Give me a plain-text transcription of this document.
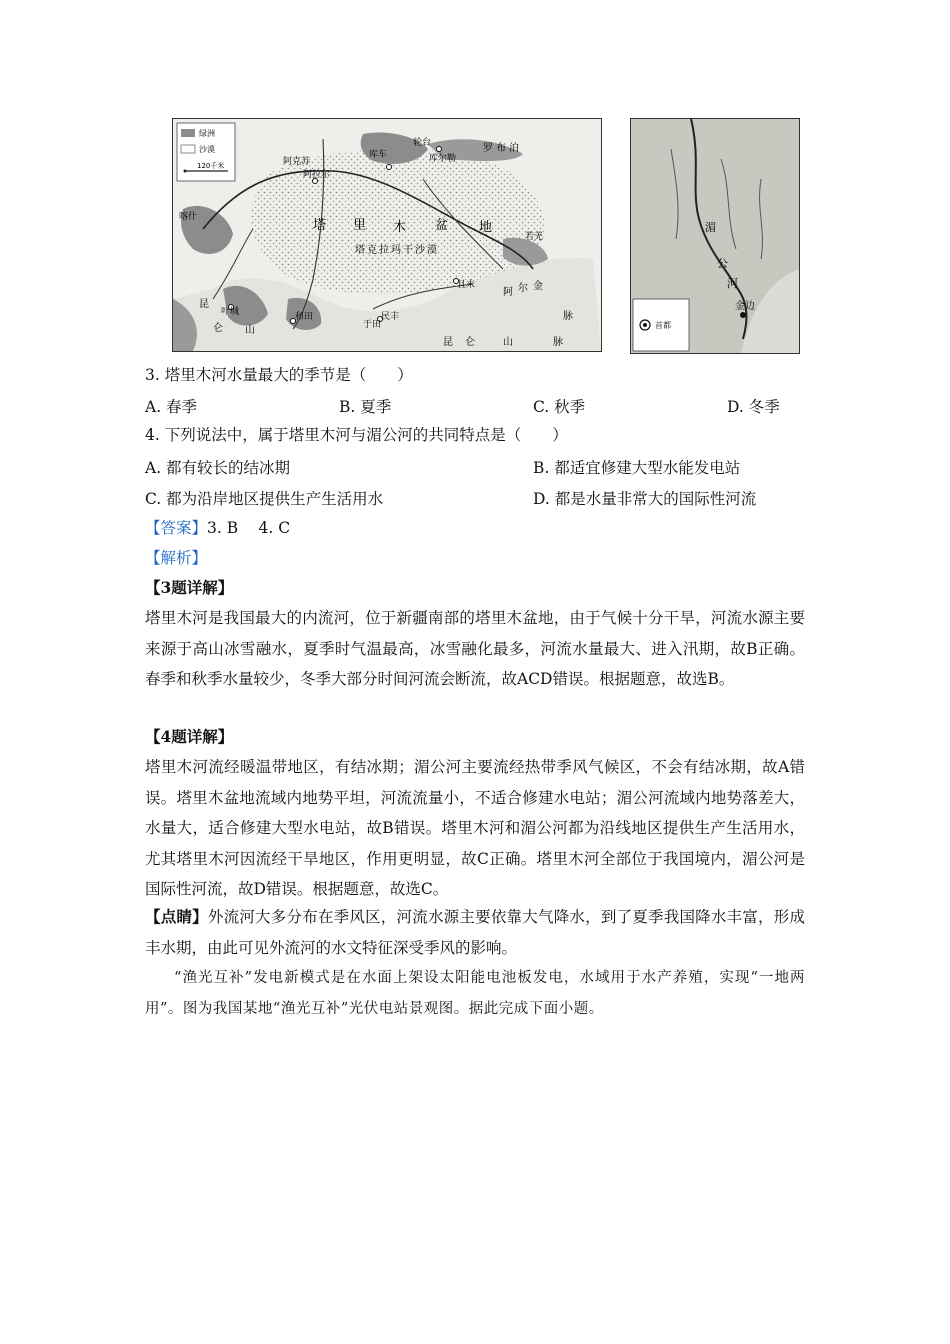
绿洲
沙漠
120千米
塔 里 木 盆 地
塔克拉玛干沙漠
阿克苏
库车
阿拉尔
轮台
库尔勒
罗布泊
喀什
叶城	和田
于田
民丰
且末
若羌
昆
仑 山
脉
阿 尔 金
昆 仑	山	脉
湄
公
河
金边
首都
3. 塔里木河水量最大的季节是（　　）
A. 春季	B. 夏季	C. 秋季	D. 冬季
4. 下列说法中，属于塔里木河与湄公河的共同特点是（　　）
A. 都有较长的结冰期	B. 都适宜修建大型水能发电站
C. 都为沿岸地区提供生产生活用水	D. 都是水量非常大的国际性河流
【答案】3. B　 4. C
【解析】
【3题详解】
塔里木河是我国最大的内流河，位于新疆南部的塔里木盆地，由于气候十分干旱，河流水源主要来源于高山冰雪融水，夏季时气温最高，冰雪融化最多，河流水量最大、进入汛期，故B正确。春季和秋季水量较少，冬季大部分时间河流会断流，故ACD错误。根据题意，故选B。
【4题详解】
塔里木河流经暖温带地区，有结冰期；湄公河主要流经热带季风气候区，不会有结冰期，故A错误。塔里木盆地流域内地势平坦，河流流量小，不适合修建水电站；湄公河流域内地势落差大，水量大，适合修建大型水电站，故B错误。塔里木河和湄公河都为沿线地区提供生产生活用水，尤其塔里木河因流经干旱地区，作用更明显，故C正确。塔里木河全部位于我国境内，湄公河是国际性河流，故D错误。根据题意，故选C。
【点睛】外流河大多分布在季风区，河流水源主要依靠大气降水，到了夏季我国降水丰富，形成丰水期，由此可见外流河的水文特征深受季风的影响。
“渔光互补”发电新模式是在水面上架设太阳能电池板发电，水域用于水产养殖，实现“一地两用”。图为我国某地“渔光互补”光伏电站景观图。据此完成下面小题。
